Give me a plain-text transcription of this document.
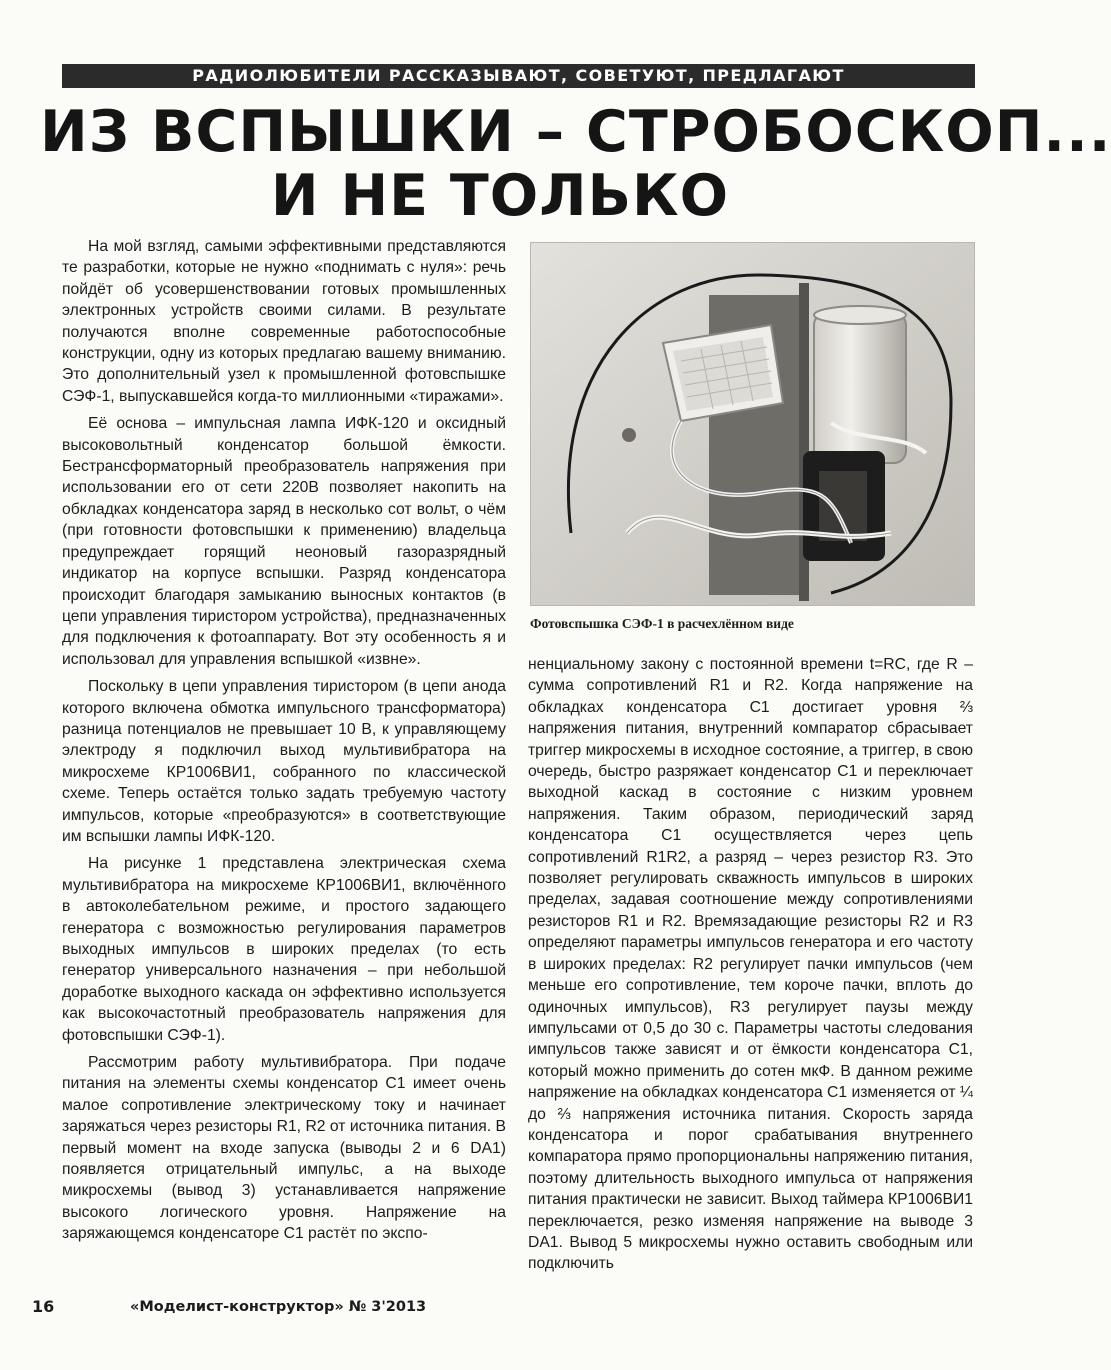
РАДИОЛЮБИТЕЛИ РАССКАЗЫВАЮТ, СОВЕТУЮТ, ПРЕДЛАГАЮТ
ИЗ ВСПЫШКИ – СТРОБОСКОП...
И НЕ ТОЛЬКО

На мой взгляд, самыми эффективными представляются те разработки, которые не нужно «поднимать с нуля»: речь пойдёт об усовершенствовании готовых промышленных электронных устройств своими силами. В результате получаются вполне современные работоспособные конструкции, одну из которых предлагаю вашему вниманию. Это дополнительный узел к промышленной фотовспышке СЭФ-1, выпускавшейся когда-то миллионными «тиражами».

Её основа – импульсная лампа ИФК-120 и оксидный высоковольтный конденсатор большой ёмкости. Бестрансформаторный преобразователь напряжения при использовании его от сети 220В позволяет накопить на обкладках конденсатора заряд в несколько сот вольт, о чём (при готовности фотовспышки к применению) владельца предупреждает горящий неоновый газоразрядный индикатор на корпусе вспышки. Разряд конденсатора происходит благодаря замыканию выносных контактов (в цепи управления тиристором устройства), предназначенных для подключения к фотоаппарату. Вот эту особенность я и использовал для управления вспышкой «извне».

Поскольку в цепи управления тиристором (в цепи анода которого включена обмотка импульсного трансформатора) разница потенциалов не превышает 10 В, к управляющему электроду я подключил выход мультивибратора на микросхеме КР1006ВИ1, собранного по классической схеме. Теперь остаётся только задать требуемую частоту импульсов, которые «преобразуются» в соответствующие им вспышки лампы ИФК-120.

На рисунке 1 представлена электрическая схема мультивибратора на микросхеме КР1006ВИ1, включённого в автоколебательном режиме, и простого задающего генератора с возможностью регулирования параметров выходных импульсов в широких пределах (то есть генератор универсального назначения – при небольшой доработке выходного каскада он эффективно используется как высокочастотный преобразователь напряжения для фотовспышки СЭФ-1).

Рассмотрим работу мультивибратора. При подаче питания на элементы схемы конденсатор С1 имеет очень малое сопротивление электрическому току и начинает заряжаться через резисторы R1, R2 от источника питания. В первый момент на входе запуска (выводы 2 и 6 DA1) появляется отрицательный импульс, а на выходе микросхемы (вывод 3) устанавливается напряжение высокого логического уровня. Напряжение на заряжающемся конденсаторе С1 растёт по экспо-

Фотовспышка СЭФ-1 в расчехлённом виде

ненциальному закону с постоянной времени t=RC, где R – сумма сопротивлений R1 и R2. Когда напряжение на обкладках конденсатора С1 достигает уровня ⅔ напряжения питания, внутренний компаратор сбрасывает триггер микросхемы в исходное состояние, а триггер, в свою очередь, быстро разряжает конденсатор С1 и переключает выходной каскад в состояние с низким уровнем напряжения. Таким образом, периодический заряд конденсатора С1 осуществляется через цепь сопротивлений R1R2, а разряд – через резистор R3. Это позволяет регулировать скважность импульсов в широких пределах, задавая соотношение между сопротивлениями резисторов R1 и R2. Времязадающие резисторы R2 и R3 определяют параметры импульсов генератора и его частоту в широких пределах: R2 регулирует пачки импульсов (чем меньше его сопротивление, тем короче пачки, вплоть до одиночных импульсов), R3 регулирует паузы между импульсами от 0,5 до 30 с. Параметры частоты следования импульсов также зависят и от ёмкости конденсатора С1, который можно применить до сотен мкФ. В данном режиме напряжение на обкладках конденсатора С1 изменяется от ¼ до ⅔ напряжения источника питания. Скорость заряда конденсатора и порог срабатывания внутреннего компаратора прямо пропорциональны напряжению питания, поэтому длительность выходного импульса от напряжения питания практически не зависит. Выход таймера КР1006ВИ1 переключается, резко изменяя напряжение на выводе 3 DA1. Вывод 5 микросхемы нужно оставить свободным или подключить

16	«Моделист-конструктор» № 3'2013
